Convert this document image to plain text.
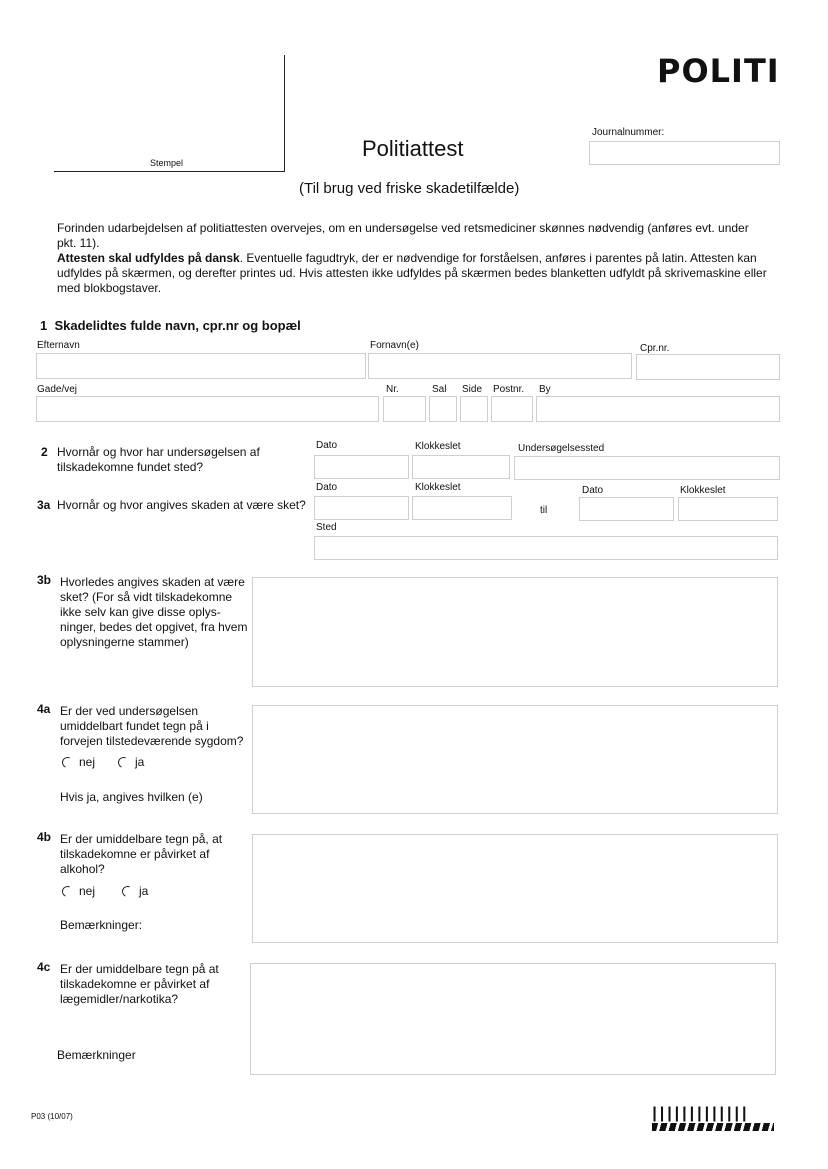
Stempel
POLITI
Politiattest
(Til brug ved friske skadetilfælde)
Journalnummer:
Forinden udarbejdelsen af politiattesten overvejes, om en undersøgelse ved retsmediciner skønnes nødvendig (anføres evt. under pkt. 11).
Attesten skal udfyldes på dansk. Eventuelle fagudtryk, der er nødvendige for forståelsen, anføres i parentes på latin. Attesten kan udfyldes på skærmen, og derefter printes ud. Hvis attesten ikke udfyldes på skærmen bedes blanketten udfyldt på skrivemaskine eller med blokbogstaver.
1 Skadelidtes fulde navn, cpr.nr og bopæl
Efternavn	Fornavn(e)	Cpr.nr.
Gade/vej	Nr.	Sal Side Postnr. By
2 Hvornår og hvor har undersøgelsen af tilskadekomne fundet sted?
Dato	Klokkeslet	Undersøgelsessted
3a Hvornår og hvor angives skaden at være sket?
Dato	Klokkeslet	Dato	Klokkeslet
til
Sted
3b Hvorledes angives skaden at være sket? (For så vidt tilskadekomne ikke selv kan give disse oplys-ninger, bedes det opgivet, fra hvem oplysningerne stammer)
4a Er der ved undersøgelsen umiddelbart fundet tegn på i forvejen tilstedeværende sygdom?
nej	ja
Hvis ja, angives hvilken (e)
4b Er der umiddelbare tegn på, at tilskadekomne er påvirket af alkohol?
nej	ja
Bemærkninger:
4c Er der umiddelbare tegn på at tilskadekomne er påvirket af lægemidler/narkotika?
Bemærkninger
P03 (10/07)	|||||||||||||
